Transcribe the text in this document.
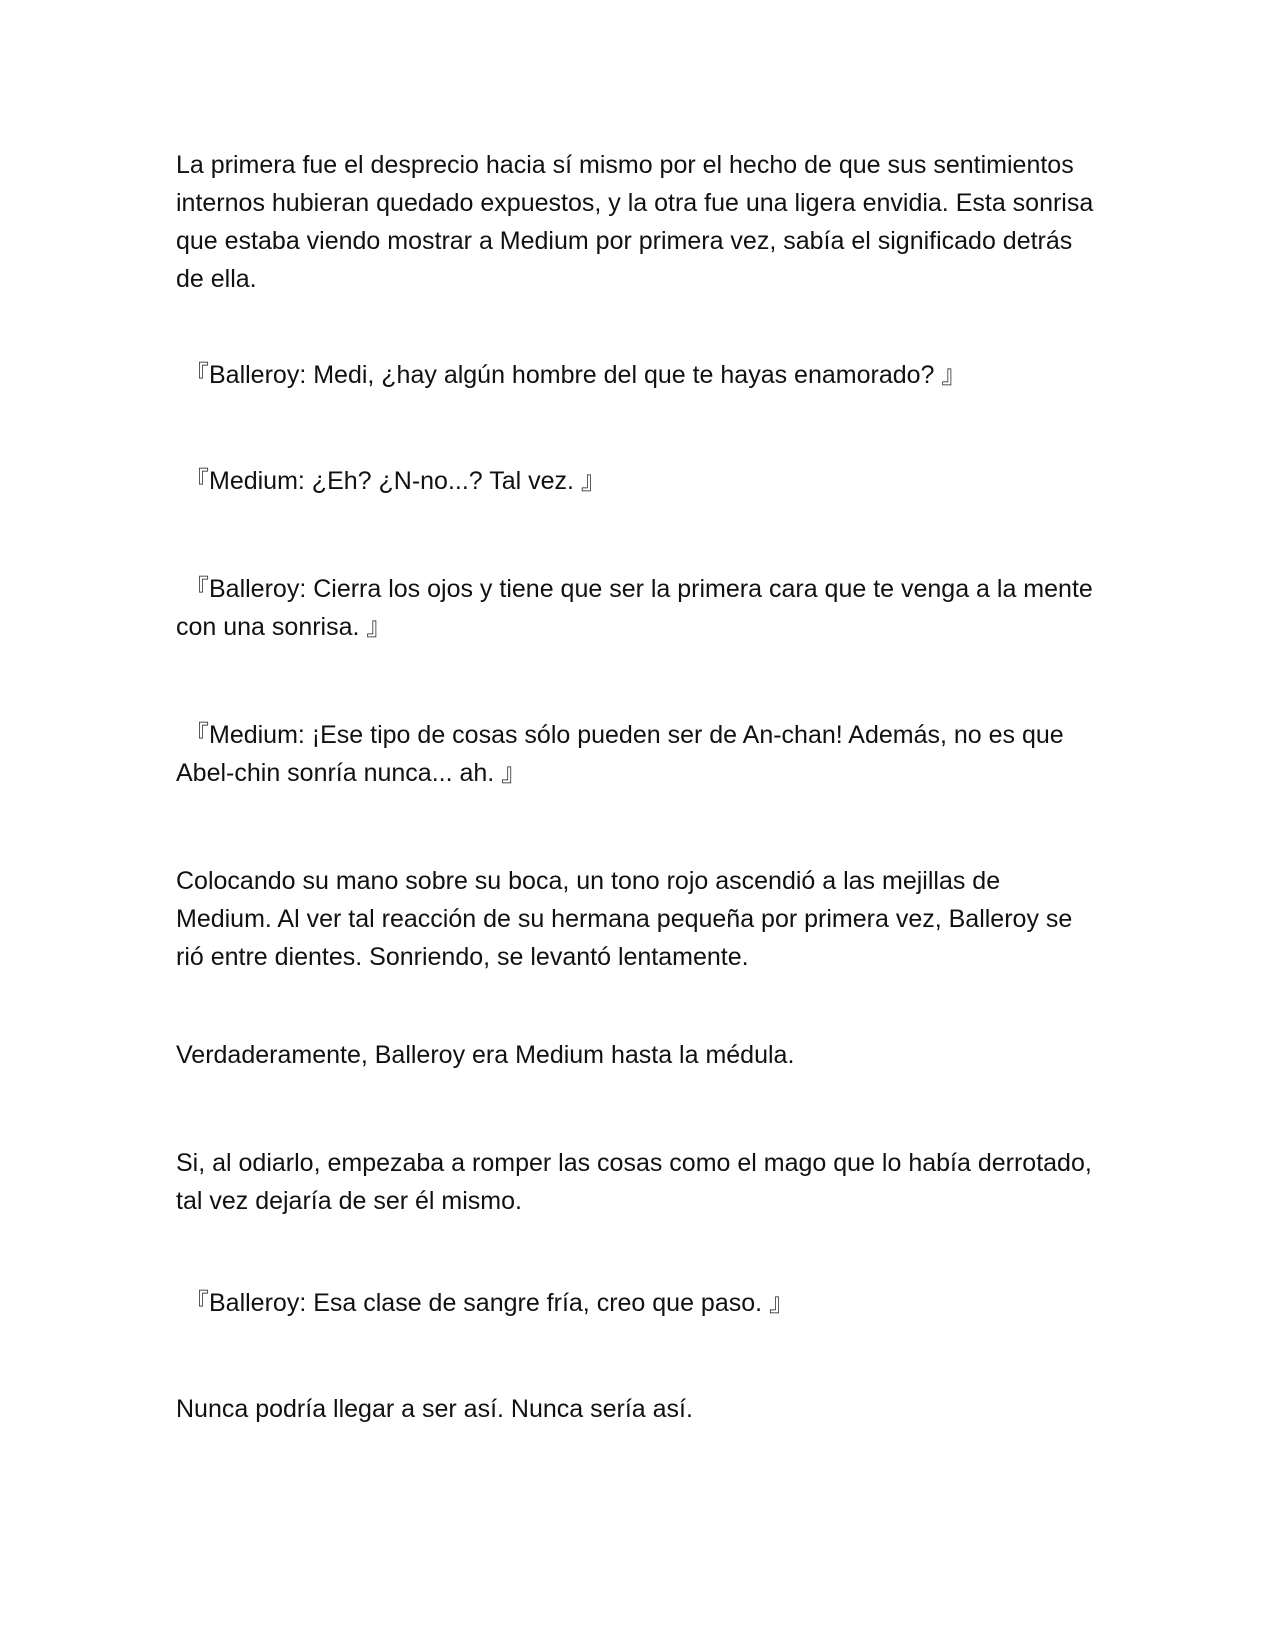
La primera fue el desprecio hacia sí mismo por el hecho de que sus sentimientos internos hubieran quedado expuestos, y la otra fue una ligera envidia. Esta sonrisa que estaba viendo mostrar a Medium por primera vez, sabía el significado detrás de ella.

『Balleroy: Medi, ¿hay algún hombre del que te hayas enamorado? 』

『Medium: ¿Eh? ¿N-no...? Tal vez. 』

『Balleroy: Cierra los ojos y tiene que ser la primera cara que te venga a la mente con una sonrisa. 』

『Medium: ¡Ese tipo de cosas sólo pueden ser de An-chan! Además, no es que Abel-chin sonría nunca... ah. 』

Colocando su mano sobre su boca, un tono rojo ascendió a las mejillas de Medium. Al ver tal reacción de su hermana pequeña por primera vez, Balleroy se rió entre dientes. Sonriendo, se levantó lentamente.

Verdaderamente, Balleroy era Medium hasta la médula.

Si, al odiarlo, empezaba a romper las cosas como el mago que lo había derrotado, tal vez dejaría de ser él mismo.

『Balleroy: Esa clase de sangre fría, creo que paso. 』

Nunca podría llegar a ser así. Nunca sería así.
